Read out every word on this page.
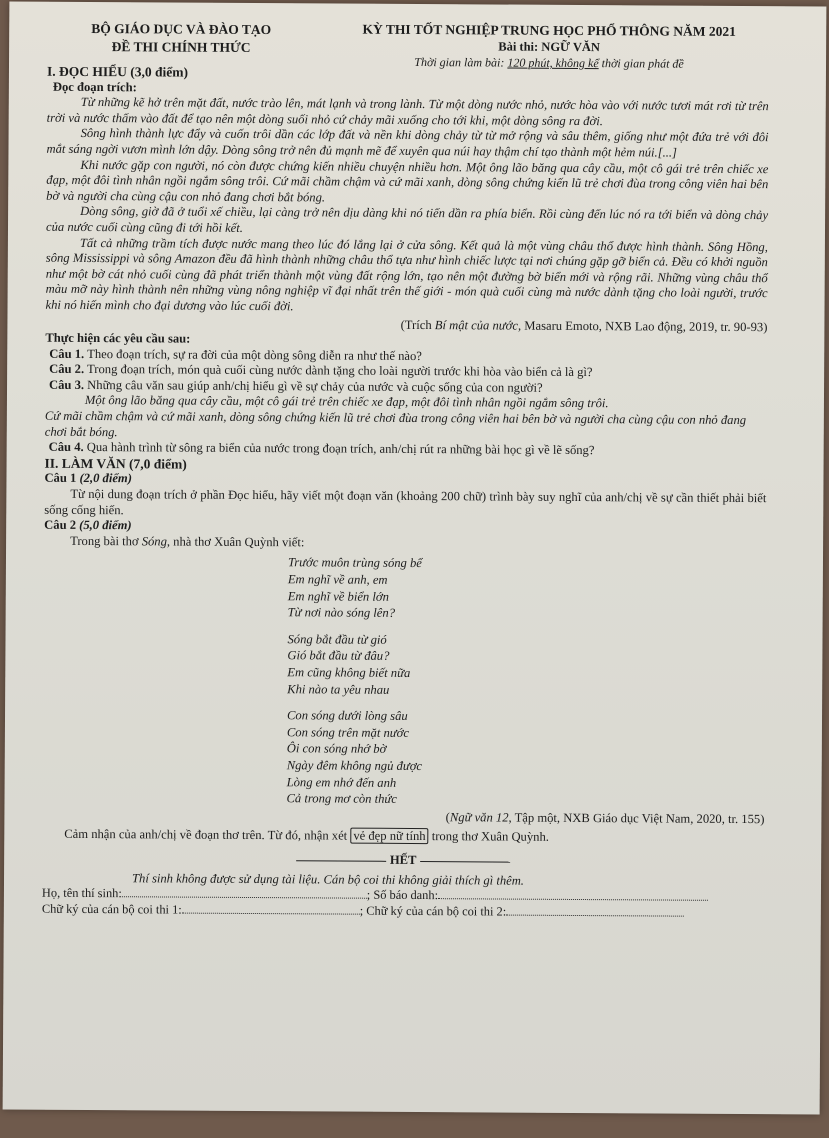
BỘ GIÁO DỤC VÀ ĐÀO TẠO
ĐỀ THI CHÍNH THỨC
KỲ THI TỐT NGHIỆP TRUNG HỌC PHỔ THÔNG NĂM 2021
Bài thi: NGỮ VĂN
Thời gian làm bài: 120 phút, không kể thời gian phát đề

I. ĐỌC HIỂU (3,0 điểm)

Đọc đoạn trích:

Từ những kẽ hở trên mặt đất, nước trào lên, mát lạnh và trong lành. Từ một dòng nước nhỏ, nước hòa vào với nước tươi mát rơi từ trên trời và nước thấm vào đất để tạo nên một dòng suối nhỏ cứ chảy mãi xuống cho tới khi, một dòng sông ra đời.

Sông hình thành lực đẩy và cuốn trôi dần các lớp đất và nền khi dòng chảy từ từ mở rộng và sâu thêm, giống như một đứa trẻ với đôi mắt sáng ngời vươn mình lớn dậy. Dòng sông trở nên đủ mạnh mẽ để xuyên qua núi hay thậm chí tạo thành một hẻm núi.[...]

Khi nước gặp con người, nó còn được chứng kiến nhiều chuyện nhiều hơn. Một ông lão băng qua cây cầu, một cô gái trẻ trên chiếc xe đạp, một đôi tình nhân ngồi ngắm sông trôi. Cứ mãi chầm chậm và cứ mãi xanh, dòng sông chứng kiến lũ trẻ chơi đùa trong công viên hai bên bờ và người cha cùng cậu con nhỏ đang chơi bắt bóng.

Dòng sông, giờ đã ở tuổi xế chiều, lại càng trở nên dịu dàng khi nó tiến dần ra phía biển. Rồi cùng đến lúc nó ra tới biển và dòng chảy của nước cuối cùng cũng đi tới hồi kết.

Tất cả những trầm tích được nước mang theo lúc đó lắng lại ở cửa sông. Kết quả là một vùng châu thổ được hình thành. Sông Hồng, sông Mississippi và sông Amazon đều đã hình thành những châu thổ tựa như hình chiếc lược tại nơi chúng gặp gỡ biển cả. Đều có khởi nguồn như một bờ cát nhỏ cuối cùng đã phát triển thành một vùng đất rộng lớn, tạo nên một đường bờ biển mới và rộng rãi. Những vùng châu thổ màu mỡ này hình thành nên những vùng nông nghiệp vĩ đại nhất trên thế giới - món quà cuối cùng mà nước dành tặng cho loài người, trước khi nó hiến mình cho đại dương vào lúc cuối đời.

(Trích Bí mật của nước, Masaru Emoto, NXB Lao động, 2019, tr. 90-93)

Thực hiện các yêu cầu sau:

Câu 1. Theo đoạn trích, sự ra đời của một dòng sông diễn ra như thế nào?

Câu 2. Trong đoạn trích, món quà cuối cùng nước dành tặng cho loài người trước khi hòa vào biển cả là gì?

Câu 3. Những câu văn sau giúp anh/chị hiểu gì về sự chảy của nước và cuộc sống của con người?

Một ông lão băng qua cây cầu, một cô gái trẻ trên chiếc xe đạp, một đôi tình nhân ngồi ngắm sông trôi.

Cứ mãi chầm chậm và cứ mãi xanh, dòng sông chứng kiến lũ trẻ chơi đùa trong công viên hai bên bờ và người cha cùng cậu con nhỏ đang chơi bắt bóng.

Câu 4. Qua hành trình từ sông ra biển của nước trong đoạn trích, anh/chị rút ra những bài học gì về lẽ sống?

II. LÀM VĂN (7,0 điểm)

Câu 1 (2,0 điểm)

Từ nội dung đoạn trích ở phần Đọc hiểu, hãy viết một đoạn văn (khoảng 200 chữ) trình bày suy nghĩ của anh/chị về sự cần thiết phải biết sống cống hiến.

Câu 2 (5,0 điểm)

Trong bài thơ Sóng, nhà thơ Xuân Quỳnh viết:

Trước muôn trùng sóng bể
Em nghĩ về anh, em
Em nghĩ về biển lớn
Từ nơi nào sóng lên?
Sóng bắt đầu từ gió
Gió bắt đầu từ đâu?
Em cũng không biết nữa
Khi nào ta yêu nhau
Con sóng dưới lòng sâu
Con sóng trên mặt nước
Ôi con sóng nhớ bờ
Ngày đêm không ngủ được
Lòng em nhớ đến anh
Cả trong mơ còn thức

(Ngữ văn 12, Tập một, NXB Giáo dục Việt Nam, 2020, tr. 155)

Cảm nhận của anh/chị về đoạn thơ trên. Từ đó, nhận xét vẻ đẹp nữ tính trong thơ Xuân Quỳnh.

HẾT

Thí sinh không được sử dụng tài liệu. Cán bộ coi thi không giải thích gì thêm.

Họ, tên thí sinh:	; Số báo danh:

Chữ ký của cán bộ coi thi 1:	; Chữ ký của cán bộ coi thi 2:
